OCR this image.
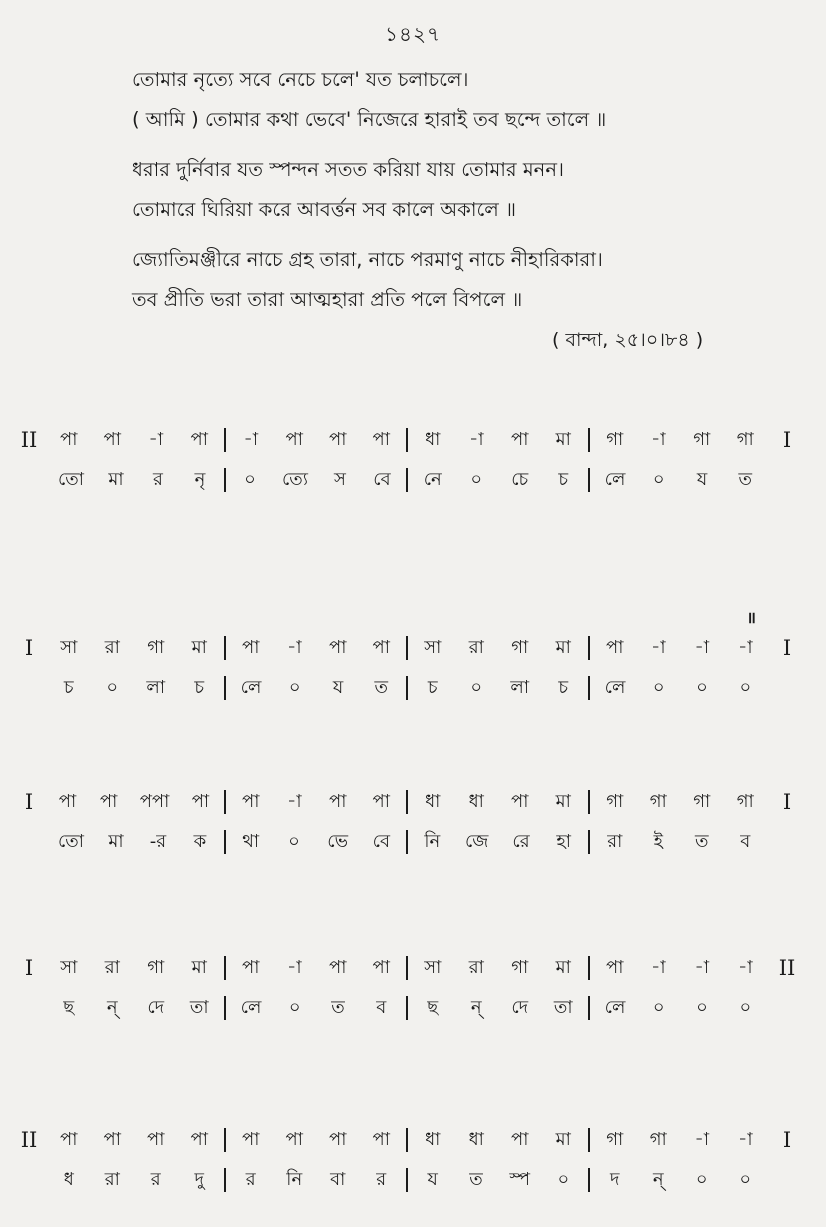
১৪২৭
তোমার নৃত্যে সবে নেচে চলে' যত চলাচলে।
( আমি ) তোমার কথা ভেবে' নিজেরে হারাই তব ছন্দে তালে ॥
ধরার দুর্নিবার যত স্পন্দন সতত করিয়া যায় তোমার মনন।
তোমারে ঘিরিয়া করে আবর্ত্তন সব কালে অকালে ॥
জ্যোতিমঞ্জীরে নাচে গ্রহ তারা, নাচে পরমাণু নাচে নীহারিকারা।
তব প্রীতি ভরা তারা আত্মহারা প্রতি পলে বিপলে ॥
( বান্দা, ২৫।০।৮৪ )
II	পা পা -া পা -া পা পা পা ধা -া পা মা গা -া গা গা	I
তো মা র নৃ ০ ত্যে স বে নে ০ চে চ লে ০ য ত
I	সা রা গা মা পা -া পা পা সা রা গা মা পা -া -া -া	I
॥
চ ০ লা চ লে ০ য ত চ ০ লা চ লে ০ ০ ০
I	পা পা পপা পা পা -া পা পা ধা ধা পা মা গা গা গা গা	I
তো মা -র ক থা ০ ভে বে নি জে রে হা রা ই ত ব
I	সা রা গা মা পা -া পা পা সা রা গা মা পা -া -া -া	II
ছ ন্ দে তা লে ০ ত ব ছ ন্ দে তা লে ০ ০ ০
II	পা পা পা পা পা পা পা পা ধা ধা পা মা গা গা -া -া	I
ধ রা র দু র নি বা র য ত স্প ০ দ ন্ ০ ০
